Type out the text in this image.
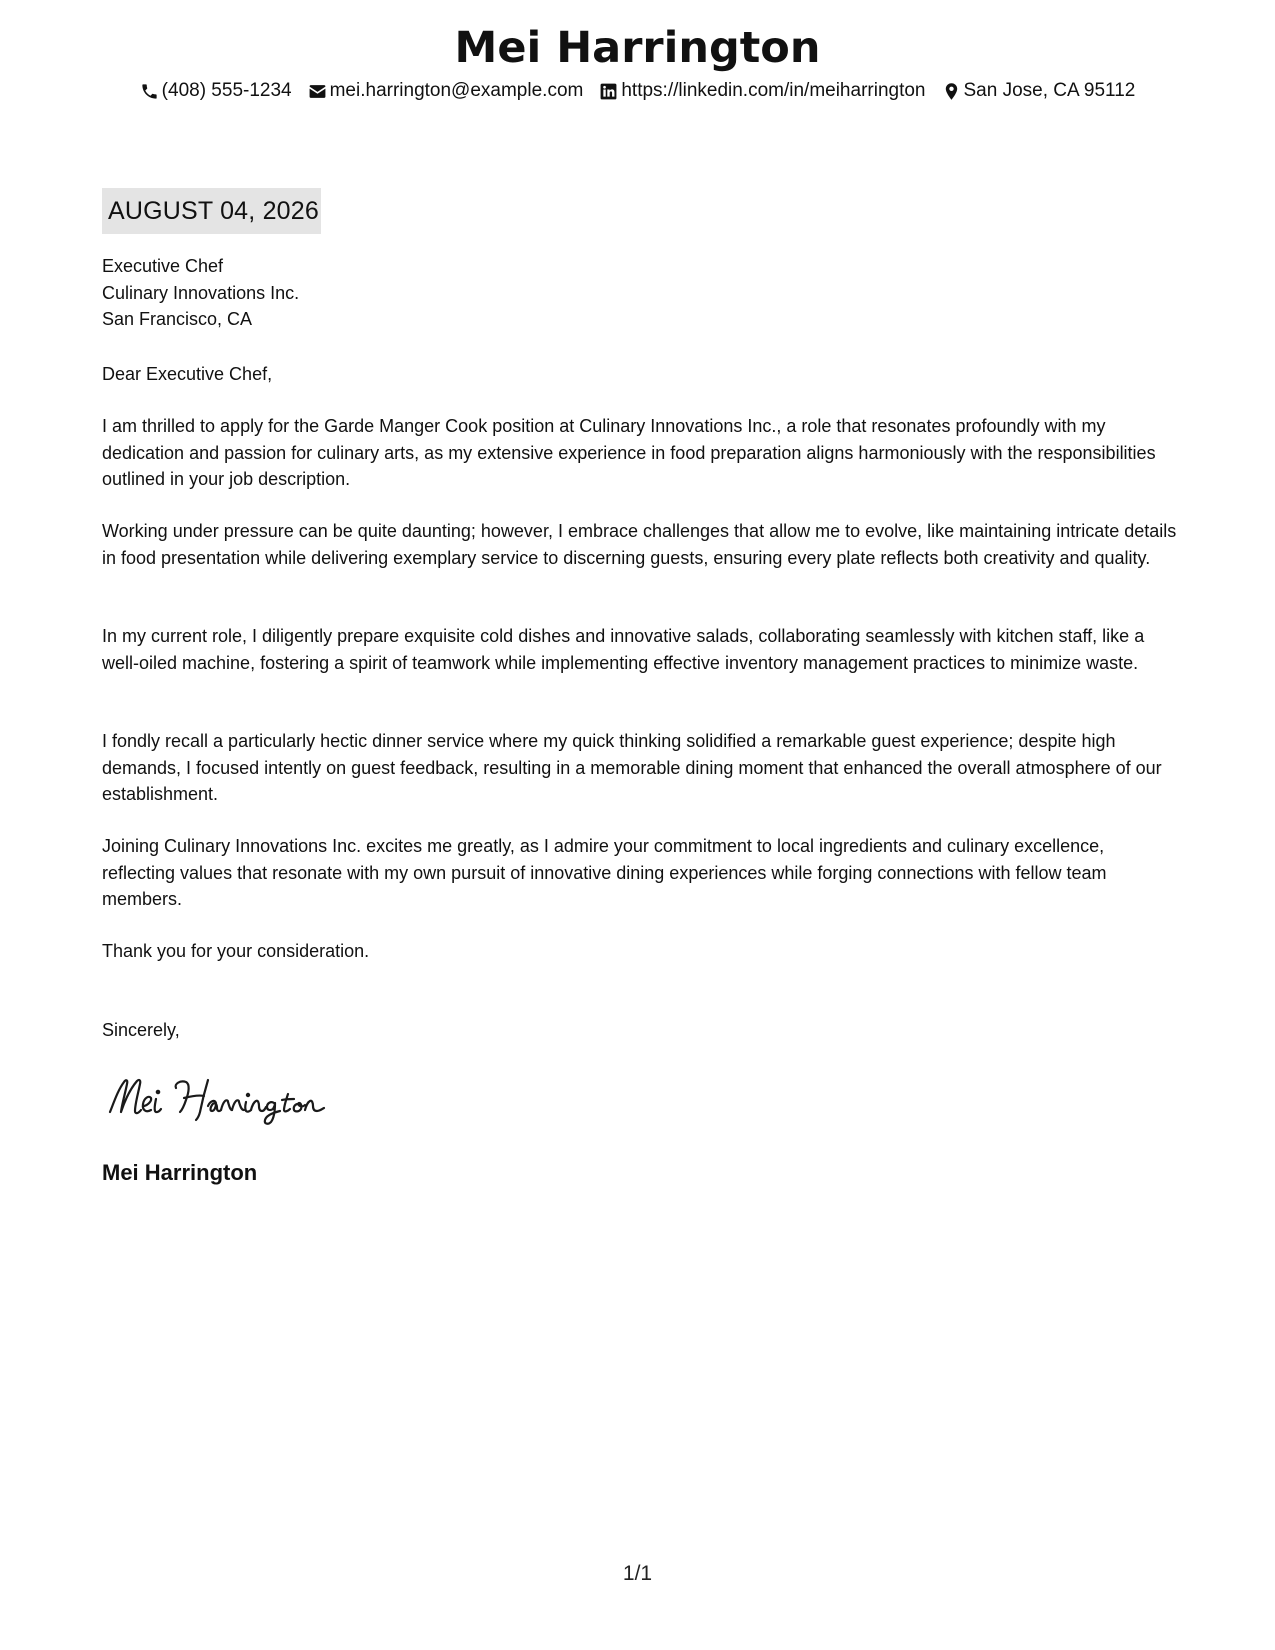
Mei Harrington
(408) 555-1234 mei.harrington@example.com https://linkedin.com/in/meiharrington San Jose, CA 95112
AUGUST 04, 2026
Executive Chef
Culinary Innovations Inc.
San Francisco, CA
Dear Executive Chef,

I am thrilled to apply for the Garde Manger Cook position at Culinary Innovations Inc., a role that resonates profoundly with my dedication and passion for culinary arts, as my extensive experience in food preparation aligns harmoniously with the responsibilities outlined in your job description.

Working under pressure can be quite daunting; however, I embrace challenges that allow me to evolve, like maintaining intricate details in food presentation while delivering exemplary service to discerning guests, ensuring every plate reflects both creativity and quality.

In my current role, I diligently prepare exquisite cold dishes and innovative salads, collaborating seamlessly with kitchen staff, like a well-oiled machine, fostering a spirit of teamwork while implementing effective inventory management practices to minimize waste.

I fondly recall a particularly hectic dinner service where my quick thinking solidified a remarkable guest experience; despite high demands, I focused intently on guest feedback, resulting in a memorable dining moment that enhanced the overall atmosphere of our establishment.

Joining Culinary Innovations Inc. excites me greatly, as I admire your commitment to local ingredients and culinary excellence, reflecting values that resonate with my own pursuit of innovative dining experiences while forging connections with fellow team members.

Thank you for your consideration.
Sincerely,
Mei Harrington
1/1
